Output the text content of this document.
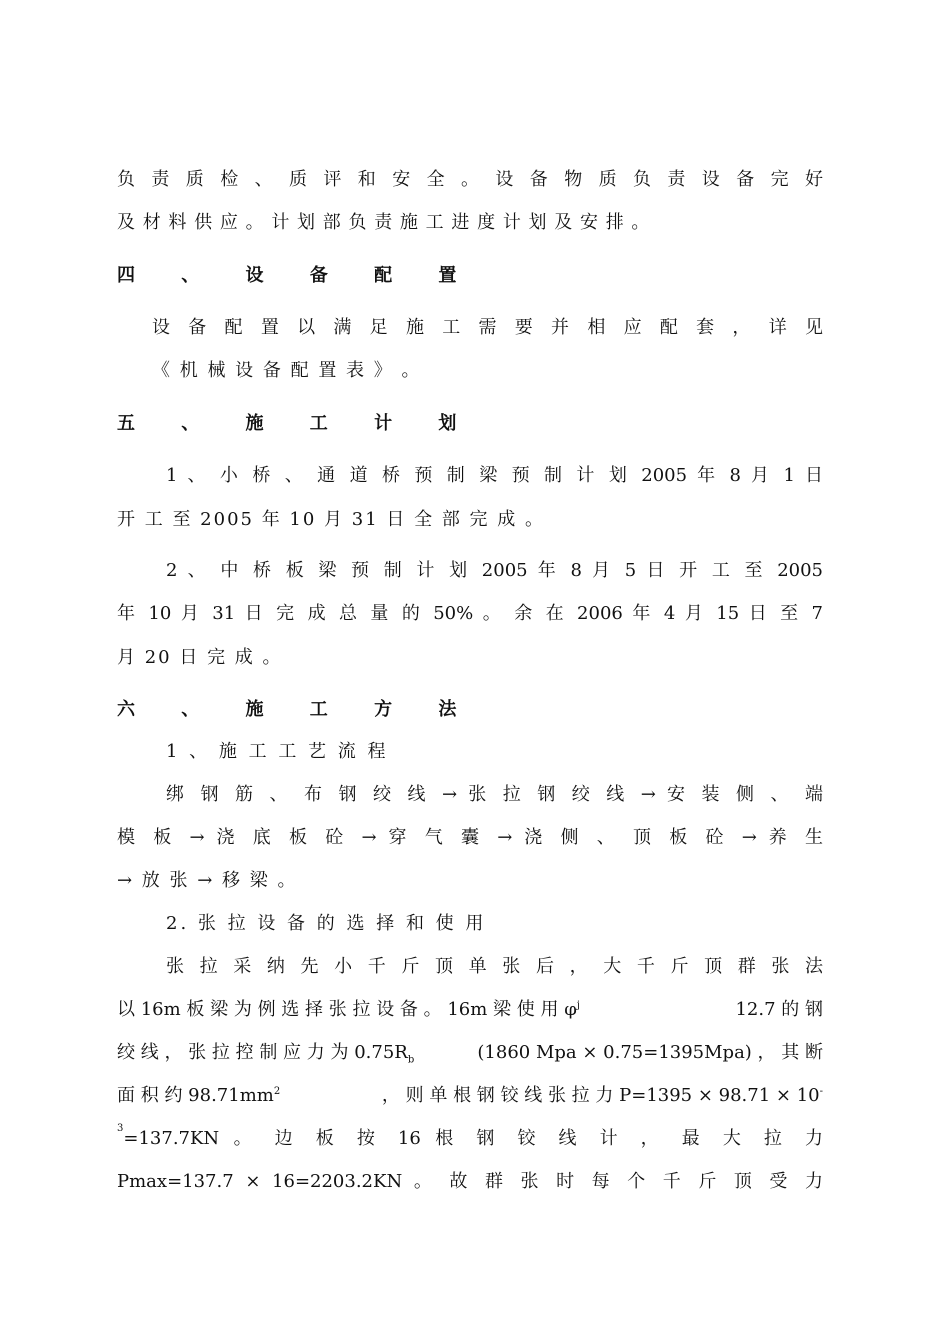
负 责 质 检 、 质 评 和 安 全 。 设 备 物 质 负 责 设 备 完 好
及 材 料 供 应 。 计 划 部 负 责 施 工 进 度 计 划 及 安 排 。
四 、 设 备 配 置
设 备 配 置 以 满 足 施 工 需 要 并 相 应 配 套 ， 详 见
《 机 械 设 备 配 置 表 》 。
五 、 施 工 计 划
1 、 小 桥 、 通 道 桥 预 制 梁 预 制 计 划 2005 年 8 月 1 日
开 工 至 2005 年 10 月 31 日 全 部 完 成 。
2 、 中 桥 板 梁 预 制 计 划 2005 年 8 月 5 日 开 工 至 2005
年 10 月 31 日 完 成 总 量 的 50% 。 余 在 2006 年 4 月 15 日 至 7
月 20 日 完 成 。
六 、 施 工 方 法
1 、 施 工 工 艺 流 程
绑 钢 筋 、 布 钢 绞 线 → 张 拉 钢 绞 线 → 安 装 侧 、 端
模 板 → 浇 底 板 砼 → 穿 气 囊 → 浇 侧 、 顶 板 砼 → 养 生
→ 放 张 → 移 梁 。
2. 张 拉 设 备 的 选 择 和 使 用
张 拉 采 纳 先 小 千 斤 顶 单 张 后 ， 大 千 斤 顶 群 张 法
以 16m 板 梁 为 例 选 择 张 拉 设 备 。 16m 梁 使 用 $\varphi^j$	12.7 的 钢
绞 线 ， 张 拉 控 制 应 力 为 $0.75R_b$	(1860 Mpa × 0.75=1395Mpa) ， 其 断
面 积 约 $98.71mm^2$	， 则 单 根 钢 铰 线 张 拉 力 P=1395 × 98.71 × 10-
3 =137.7KN 。 边 板 按 16 根 钢 铰 线 计 ， 最 大 拉 力
Pmax=137.7 × 16=2203.2KN 。 故 群 张 时 每 个 千 斤 顶 受 力
